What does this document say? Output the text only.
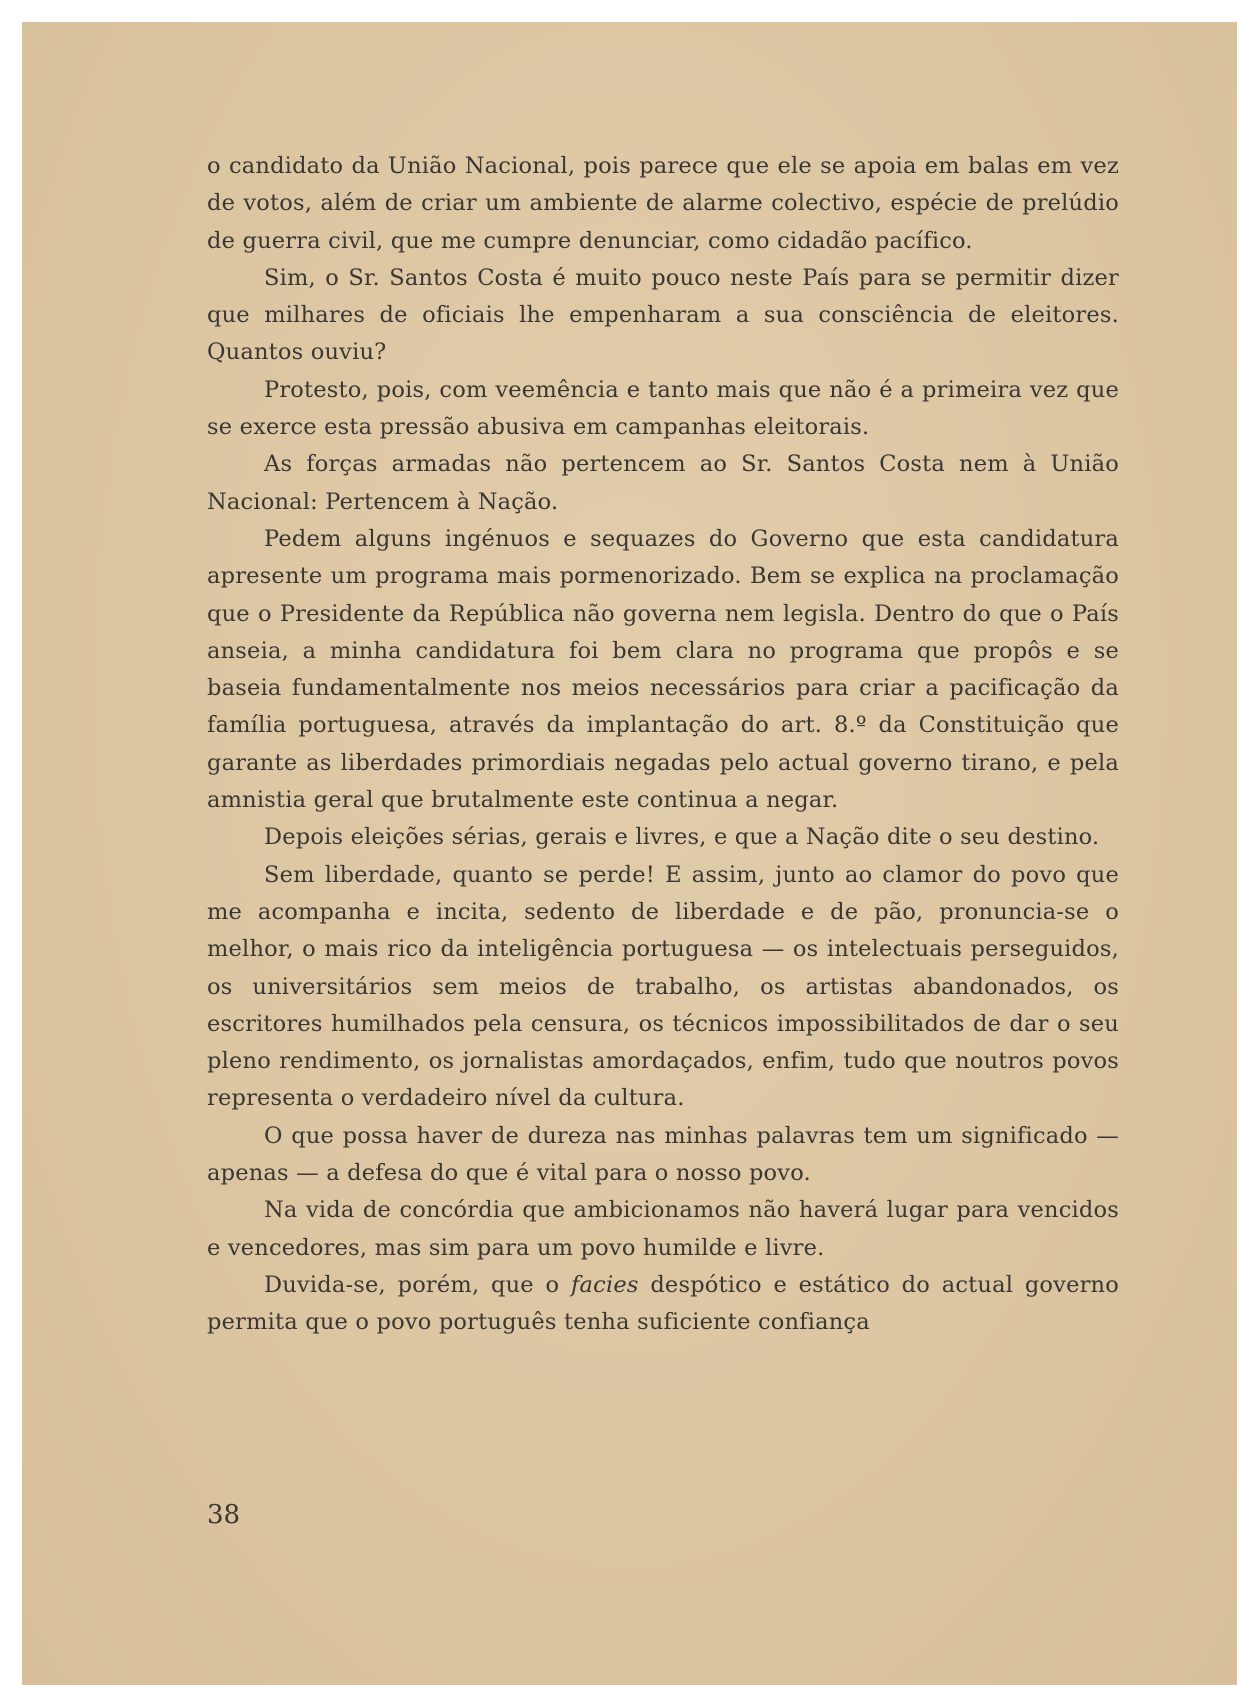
o candidato da União Nacional, pois parece que ele se apoia em balas em vez de votos, além de criar um ambiente de alarme colectivo, espécie de prelúdio de guerra civil, que me cumpre denunciar, como cidadão pacífico.

Sim, o Sr. Santos Costa é muito pouco neste País para se permitir dizer que milhares de oficiais lhe empenharam a sua consciência de eleitores. Quantos ouviu?

Protesto, pois, com veemência e tanto mais que não é a primeira vez que se exerce esta pressão abusiva em campanhas eleitorais.

As forças armadas não pertencem ao Sr. Santos Costa nem à União Nacional: Pertencem à Nação.

Pedem alguns ingénuos e sequazes do Governo que esta candidatura apresente um programa mais pormenorizado. Bem se explica na proclamação que o Presidente da República não governa nem legisla. Dentro do que o País anseia, a minha candidatura foi bem clara no programa que propôs e se baseia fundamentalmente nos meios necessários para criar a pacificação da família portuguesa, através da implantação do art. 8.º da Constituição que garante as liberdades primordiais negadas pelo actual governo tirano, e pela amnistia geral que brutalmente este continua a negar.

Depois eleições sérias, gerais e livres, e que a Nação dite o seu destino.

Sem liberdade, quanto se perde! E assim, junto ao clamor do povo que me acompanha e incita, sedento de liberdade e de pão, pronuncia-se o melhor, o mais rico da inteligência portuguesa — os intelectuais perseguidos, os universitários sem meios de trabalho, os artistas abandonados, os escritores humilhados pela censura, os técnicos impossibilitados de dar o seu pleno rendimento, os jornalistas amordaçados, enfim, tudo que noutros povos representa o verdadeiro nível da cultura.

O que possa haver de dureza nas minhas palavras tem um significado — apenas — a defesa do que é vital para o nosso povo.

Na vida de concórdia que ambicionamos não haverá lugar para vencidos e vencedores, mas sim para um povo humilde e livre.

Duvida-se, porém, que o facies despótico e estático do actual governo permita que o povo português tenha suficiente confiança

38
